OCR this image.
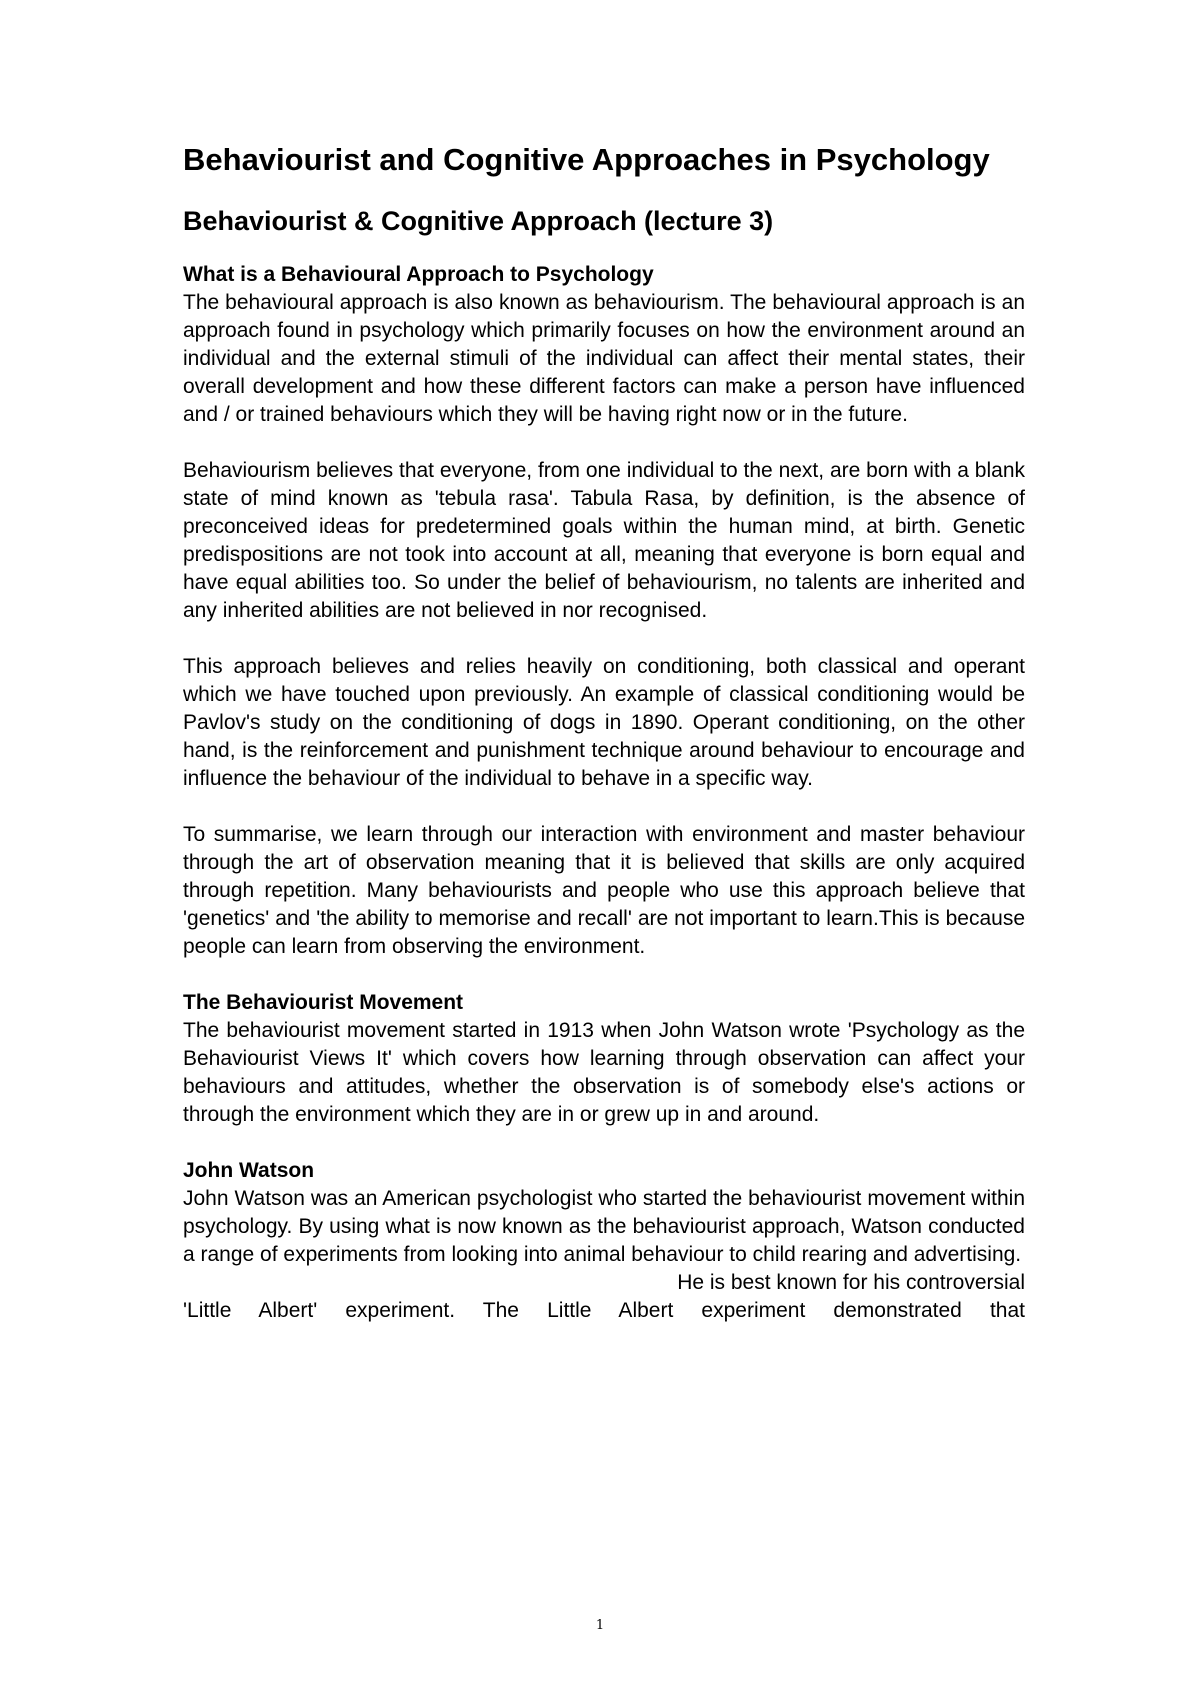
Behaviourist and Cognitive Approaches in Psychology
Behaviourist & Cognitive Approach (lecture 3)
What is a Behavioural Approach to Psychology

The behavioural approach is also known as behaviourism. The behavioural approach is an approach found in psychology which primarily focuses on how the environment around an individual and the external stimuli of the individual can affect their mental states, their overall development and how these different factors can make a person have influenced and / or trained behaviours which they will be having right now or in the future.

Behaviourism believes that everyone, from one individual to the next, are born with a blank state of mind known as 'tebula rasa'. Tabula Rasa, by definition, is the absence of preconceived ideas for predetermined goals within the human mind, at birth. Genetic predispositions are not took into account at all, meaning that everyone is born equal and have equal abilities too. So under the belief of behaviourism, no talents are inherited and any inherited abilities are not believed in nor recognised.

This approach believes and relies heavily on conditioning, both classical and operant which we have touched upon previously. An example of classical conditioning would be Pavlov's study on the conditioning of dogs in 1890. Operant conditioning, on the other hand, is the reinforcement and punishment technique around behaviour to encourage and influence the behaviour of the individual to behave in a specific way.

To summarise, we learn through our interaction with environment and master behaviour through the art of observation meaning that it is believed that skills are only acquired through repetition. Many behaviourists and people who use this approach believe that 'genetics' and 'the ability to memorise and recall' are not important to learn.This is because people can learn from observing the environment.

The Behaviourist Movement

The behaviourist movement started in 1913 when John Watson wrote 'Psychology as the Behaviourist Views It' which covers how learning through observation can affect your behaviours and attitudes, whether the observation is of somebody else's actions or through the environment which they are in or grew up in and around.

John Watson

John Watson was an American psychologist who started the behaviourist movement within psychology. By using what is now known as the behaviourist approach, Watson conducted a range of experiments from looking into animal behaviour to child rearing and advertising.

He is best known for his controversial
'Little Albert' experiment. The Little Albert experiment demonstrated that

1
